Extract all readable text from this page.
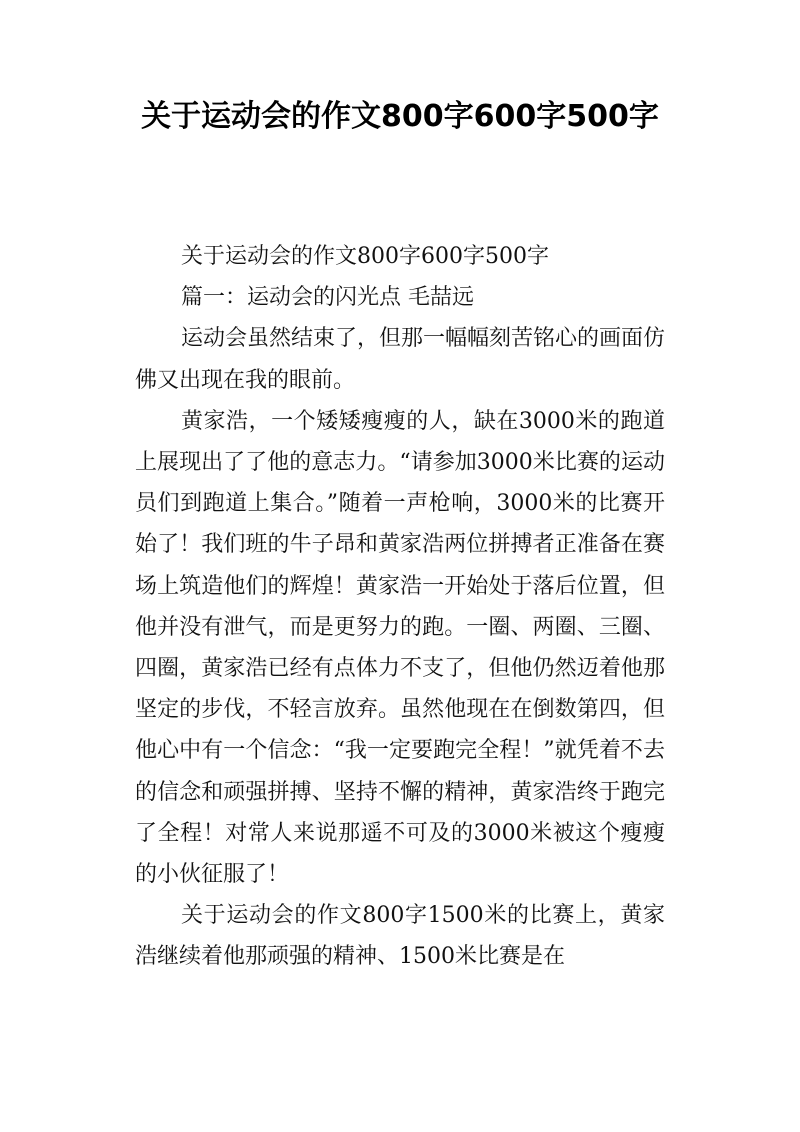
关于运动会的作文800字600字500字

关于运动会的作文800字600字500字

篇一：运动会的闪光点 毛喆远

运动会虽然结束了，但那一幅幅刻苦铭心的画面仿佛又出现在我的眼前。

黄家浩，一个矮矮瘦瘦的人，缺在3000米的跑道上展现出了了他的意志力。“请参加3000米比赛的运动员们到跑道上集合。”随着一声枪响，3000米的比赛开始了！我们班的牛子昂和黄家浩两位拼搏者正准备在赛场上筑造他们的辉煌！黄家浩一开始处于落后位置，但他并没有泄气，而是更努力的跑。一圈、两圈、三圈、四圈，黄家浩已经有点体力不支了，但他仍然迈着他那坚定的步伐，不轻言放弃。虽然他现在在倒数第四，但他心中有一个信念：“我一定要跑完全程！”就凭着不去的信念和顽强拼搏、坚持不懈的精神，黄家浩终于跑完了全程！对常人来说那遥不可及的3000米被这个瘦瘦的小伙征服了！

关于运动会的作文800字1500米的比赛上，黄家浩继续着他那顽强的精神、1500米比赛是在
